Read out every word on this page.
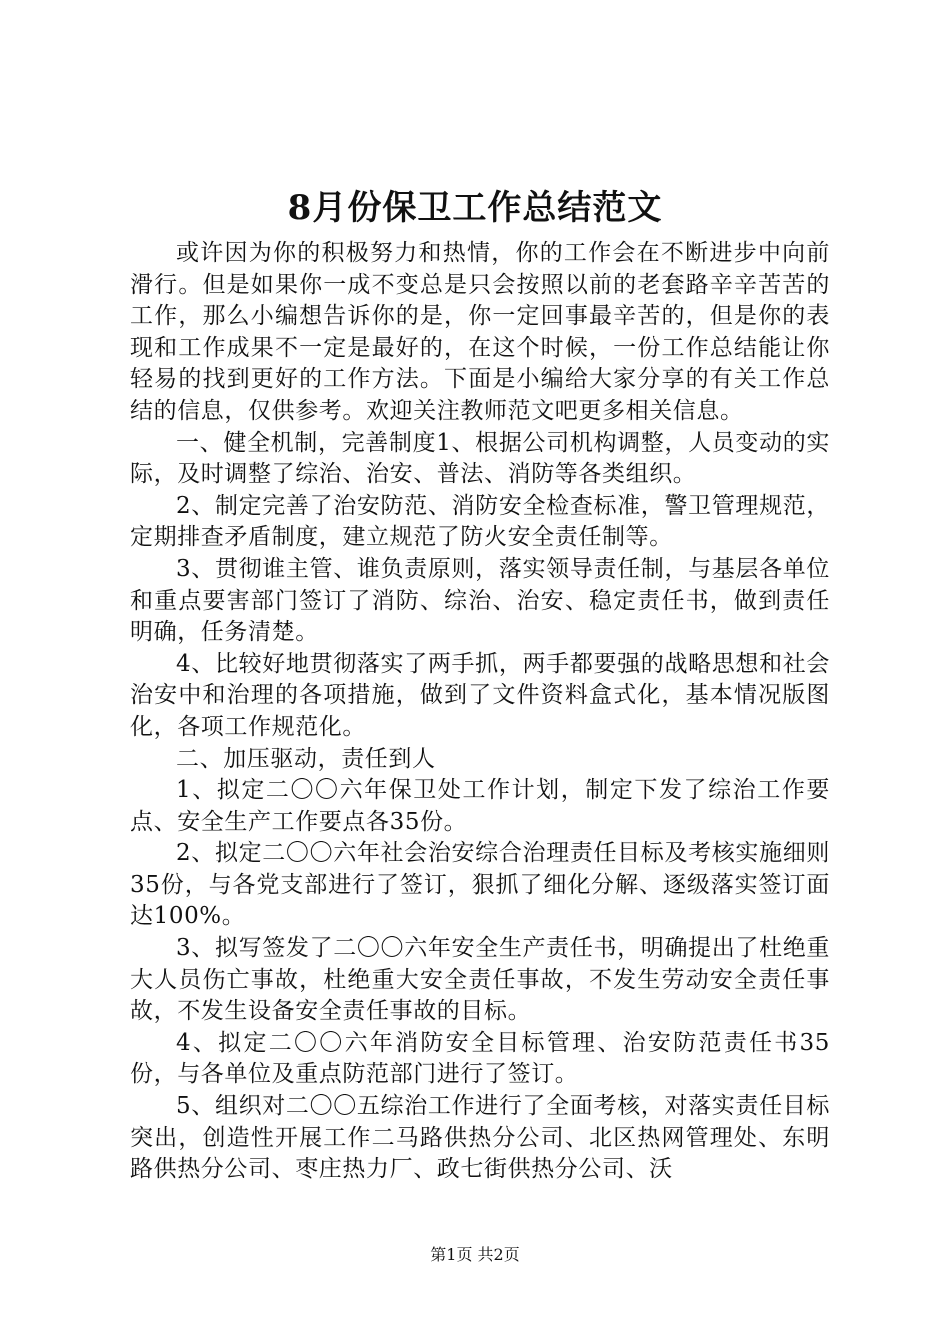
8月份保卫工作总结范文

或许因为你的积极努力和热情，你的工作会在不断进步中向前滑行。但是如果你一成不变总是只会按照以前的老套路辛辛苦苦的工作，那么小编想告诉你的是，你一定回事最辛苦的，但是你的表现和工作成果不一定是最好的，在这个时候，一份工作总结能让你轻易的找到更好的工作方法。下面是小编给大家分享的有关工作总结的信息，仅供参考。欢迎关注教师范文吧更多相关信息。

一、健全机制，完善制度1、根据公司机构调整，人员变动的实际，及时调整了综治、治安、普法、消防等各类组织。

2、制定完善了治安防范、消防安全检查标准，警卫管理规范，定期排查矛盾制度，建立规范了防火安全责任制等。

3、贯彻谁主管、谁负责原则，落实领导责任制，与基层各单位和重点要害部门签订了消防、综治、治安、稳定责任书，做到责任明确，任务清楚。

4、比较好地贯彻落实了两手抓，两手都要强的战略思想和社会治安中和治理的各项措施，做到了文件资料盒式化，基本情况版图化，各项工作规范化。

二、加压驱动，责任到人

1、拟定二〇〇六年保卫处工作计划，制定下发了综治工作要点、安全生产工作要点各35份。

2、拟定二〇〇六年社会治安综合治理责任目标及考核实施细则35份，与各党支部进行了签订，狠抓了细化分解、逐级落实签订面达100%。

3、拟写签发了二〇〇六年安全生产责任书，明确提出了杜绝重大人员伤亡事故，杜绝重大安全责任事故，不发生劳动安全责任事故，不发生设备安全责任事故的目标。

4、拟定二〇〇六年消防安全目标管理、治安防范责任书35份，与各单位及重点防范部门进行了签订。

5、组织对二〇〇五综治工作进行了全面考核，对落实责任目标突出，创造性开展工作二马路供热分公司、北区热网管理处、东明路供热分公司、枣庄热力厂、政七街供热分公司、沃

第1页 共2页
